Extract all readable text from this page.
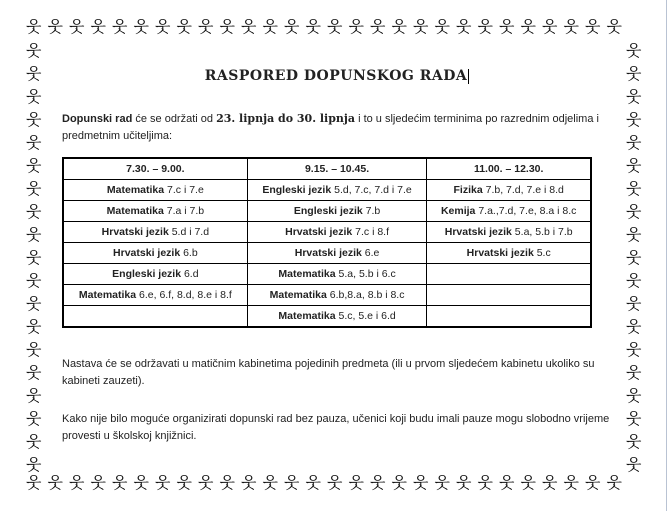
웃 웃 웃 웃 웃 웃 웃 웃 웃 웃 웃 웃 웃 웃 웃 웃 웃 웃 웃 웃 웃 웃 웃 웃 웃 웃 웃 웃
웃 웃 웃 웃 웃 웃 웃 웃 웃 웃 웃 웃 웃 웃 웃 웃 웃 웃 웃 웃 웃 웃 웃 웃 웃 웃 웃 웃
웃
웃
웃
웃
웃
웃
웃
웃
웃
웃
웃
웃
웃
웃
웃
웃
웃
웃
웃
웃
웃
웃
웃
웃
웃
웃
웃
웃
웃
웃
웃
웃
웃
웃
웃
웃
웃
웃
RASPORED DOPUNSKOG RADA
Dopunski rad će se održati od 23. lipnja do 30. lipnja i to u sljedećim terminima po razrednim odjelima i predmetnim učiteljima:
7.30. – 9.00.	9.15. – 10.45.	11.00. – 12.30.
Matematika 7.c i 7.e	Engleski jezik 5.d, 7.c, 7.d i 7.e	Fizika 7.b, 7.d, 7.e i 8.d
Matematika 7.a i 7.b	Engleski jezik 7.b	Kemija 7.a.,7.d, 7.e, 8.a i 8.c
Hrvatski jezik 5.d i 7.d	Hrvatski jezik 7.c i 8.f	Hrvatski jezik 5.a, 5.b i 7.b
Hrvatski jezik 6.b	Hrvatski jezik 6.e	Hrvatski jezik 5.c
Engleski jezik 6.d	Matematika 5.a, 5.b i 6.c	
Matematika 6.e, 6.f, 8.d, 8.e i 8.f	Matematika 6.b,8.a, 8.b i 8.c	
	Matematika 5.c, 5.e i 6.d	
Nastava će se održavati u matičnim kabinetima pojedinih predmeta (ili u prvom sljedećem kabinetu ukoliko su kabineti zauzeti).
Kako nije bilo moguće organizirati dopunski rad bez pauza, učenici koji budu imali pauze mogu slobodno vrijeme provesti u školskoj knjižnici.
